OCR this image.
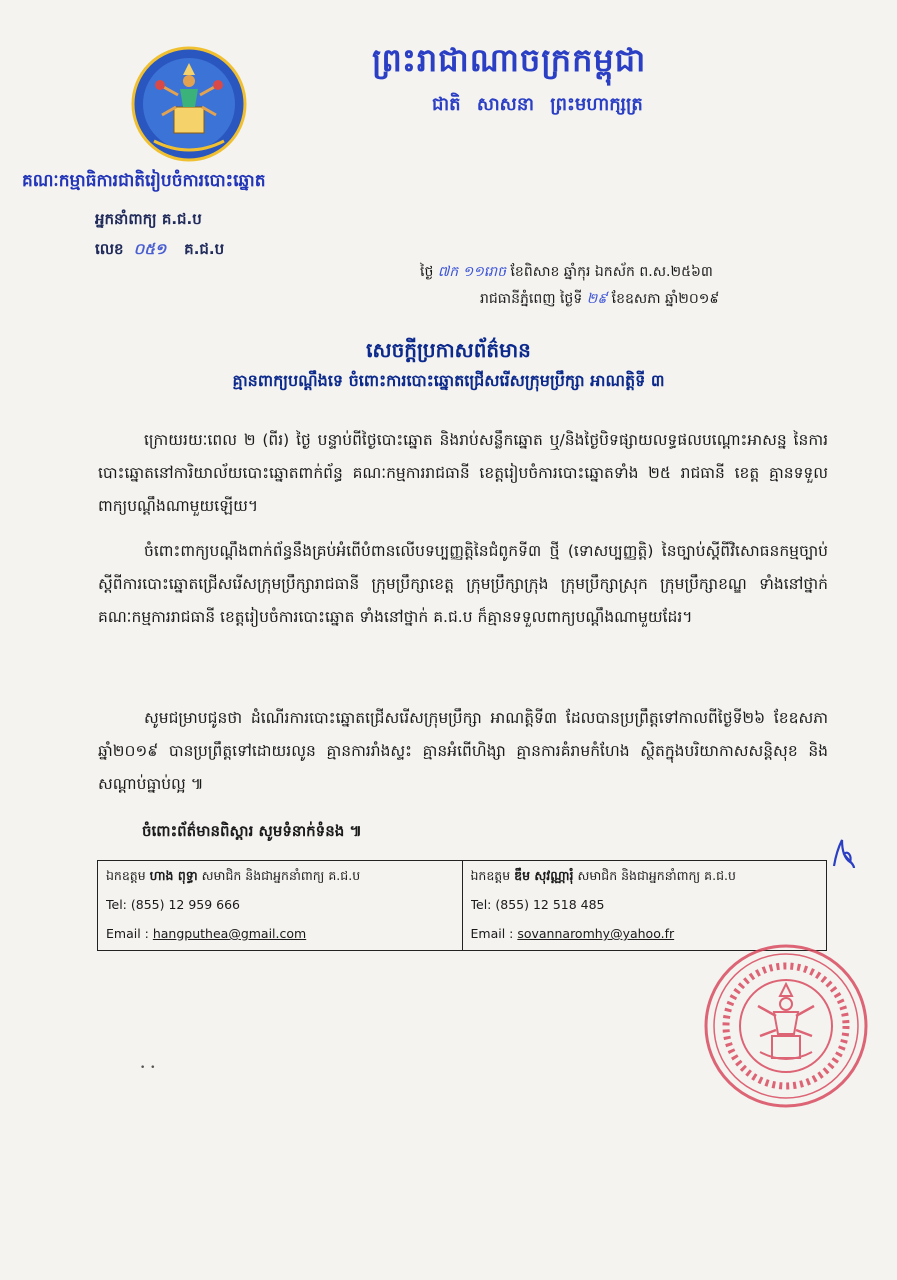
គណៈកម្មាធិការជាតិរៀបចំការបោះឆ្នោត
អ្នកនាំពាក្យ គ.ជ.ប
លេខ ០៥១ គ.ជ.ប
ព្រះរាជាណាចក្រកម្ពុជា
ជាតិ សាសនា ព្រះមហាក្សត្រ
ថ្ងៃ ៧ក ១១រោច ខែពិសាខ ឆ្នាំកុរ ឯកស័ក ព.ស.២៥៦៣
រាជធានីភ្នំពេញ ថ្ងៃទី ២៩ ខែឧសភា ឆ្នាំ២០១៩
សេចក្ដីប្រកាសព័ត៌មាន
គ្មានពាក្យបណ្ដឹងទេ ចំពោះការបោះឆ្នោតជ្រើសរើសក្រុមប្រឹក្សា អាណត្តិទី ៣
ក្រោយរយៈពេល ២ (ពីរ) ថ្ងៃ បន្ទាប់ពីថ្ងៃបោះឆ្នោត និងរាប់សន្លឹកឆ្នោត ឬ/និងថ្ងៃបិទផ្សាយលទ្ធផលបណ្ដោះអាសន្ន នៃការបោះឆ្នោតនៅការិយាល័យបោះឆ្នោតពាក់ព័ន្ធ គណៈកម្មការរាជធានី ខេត្តរៀបចំការបោះឆ្នោតទាំង ២៥ រាជធានី ខេត្ត គ្មានទទួលពាក្យបណ្ដឹងណាមួយឡើយ។
ចំពោះពាក្យបណ្ដឹងពាក់ព័ន្ធនឹងគ្រប់អំពើបំពានលើបទប្បញ្ញត្តិនៃជំពូកទី៣ ថ្មី (ទោសប្បញ្ញត្តិ) នៃច្បាប់ស្ដីពីវិសោធនកម្មច្បាប់ស្ដីពីការបោះឆ្នោតជ្រើសរើសក្រុមប្រឹក្សារាជធានី ក្រុមប្រឹក្សាខេត្ត ក្រុមប្រឹក្សាក្រុង ក្រុមប្រឹក្សាស្រុក ក្រុមប្រឹក្សាខណ្ឌ ទាំងនៅថ្នាក់គណៈកម្មការរាជធានី ខេត្តរៀបចំការបោះឆ្នោត ទាំងនៅថ្នាក់ គ.ជ.ប ក៏គ្មានទទួលពាក្យបណ្ដឹងណាមួយដែរ។
សូមជម្រាបជូនថា ដំណើរការបោះឆ្នោតជ្រើសរើសក្រុមប្រឹក្សា អាណត្តិទី៣ ដែលបានប្រព្រឹត្តទៅកាលពីថ្ងៃទី២៦ ខែឧសភា ឆ្នាំ២០១៩ បានប្រព្រឹត្តទៅដោយរលូន គ្មានការរាំងស្ទះ គ្មានអំពើហិង្សា គ្មានការគំរាមកំហែង ស្ថិតក្នុងបរិយាកាសសន្តិសុខ និងសណ្ដាប់ធ្នាប់ល្អ ៕
ចំពោះព័ត៌មានពិស្តារ សូមទំនាក់ទំនង ៕
ឯកឧត្តម ហាង ពុទ្ធា សមាជិក និងជាអ្នកនាំពាក្យ គ.ជ.ប
Tel: (855) 12 959 666
Email : hangputhea@gmail.com

ឯកឧត្តម ឌឹម សុវណ្ណារុំ សមាជិក និងជាអ្នកនាំពាក្យ គ.ជ.ប
Tel: (855) 12 518 485
Email : sovannaromhy@yahoo.fr
• •
